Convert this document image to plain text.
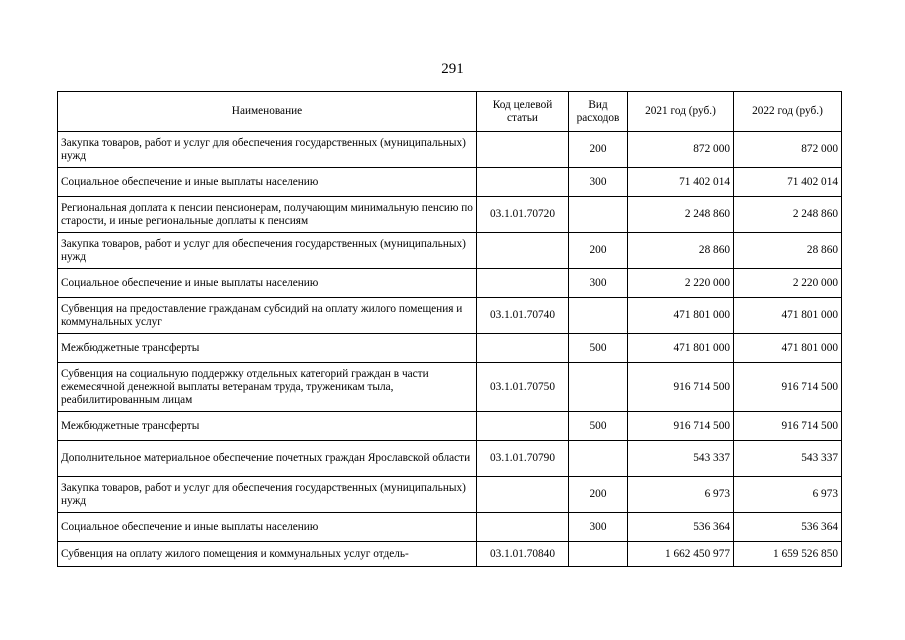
291
Наименование	Код целевой статьи	Вид расходов	2021 год (руб.)	2022 год (руб.)
Закупка товаров, работ и услуг для обеспечения государственных (муниципальных) нужд		200	872 000	872 000
Социальное обеспечение и иные выплаты населению		300	71 402 014	71 402 014
Региональная доплата к пенсии пенсионерам, получающим минимальную пенсию по старости, и иные региональные доплаты к пенсиям	03.1.01.70720		2 248 860	2 248 860
Закупка товаров, работ и услуг для обеспечения государственных (муниципальных) нужд		200	28 860	28 860
Социальное обеспечение и иные выплаты населению		300	2 220 000	2 220 000
Субвенция на предоставление гражданам субсидий на оплату жилого помещения и коммунальных услуг	03.1.01.70740		471 801 000	471 801 000
Межбюджетные трансферты		500	471 801 000	471 801 000
Субвенция на социальную поддержку отдельных категорий граждан в части ежемесячной денежной выплаты ветеранам труда, труженикам тыла, реабилитированным лицам	03.1.01.70750		916 714 500	916 714 500
Межбюджетные трансферты		500	916 714 500	916 714 500
Дополнительное материальное обеспечение почетных граждан Ярославской области	03.1.01.70790		543 337	543 337
Закупка товаров, работ и услуг для обеспечения государственных (муниципальных) нужд		200	6 973	6 973
Социальное обеспечение и иные выплаты населению		300	536 364	536 364
Субвенция на оплату жилого помещения и коммунальных услуг отдель-	03.1.01.70840		1 662 450 977	1 659 526 850
